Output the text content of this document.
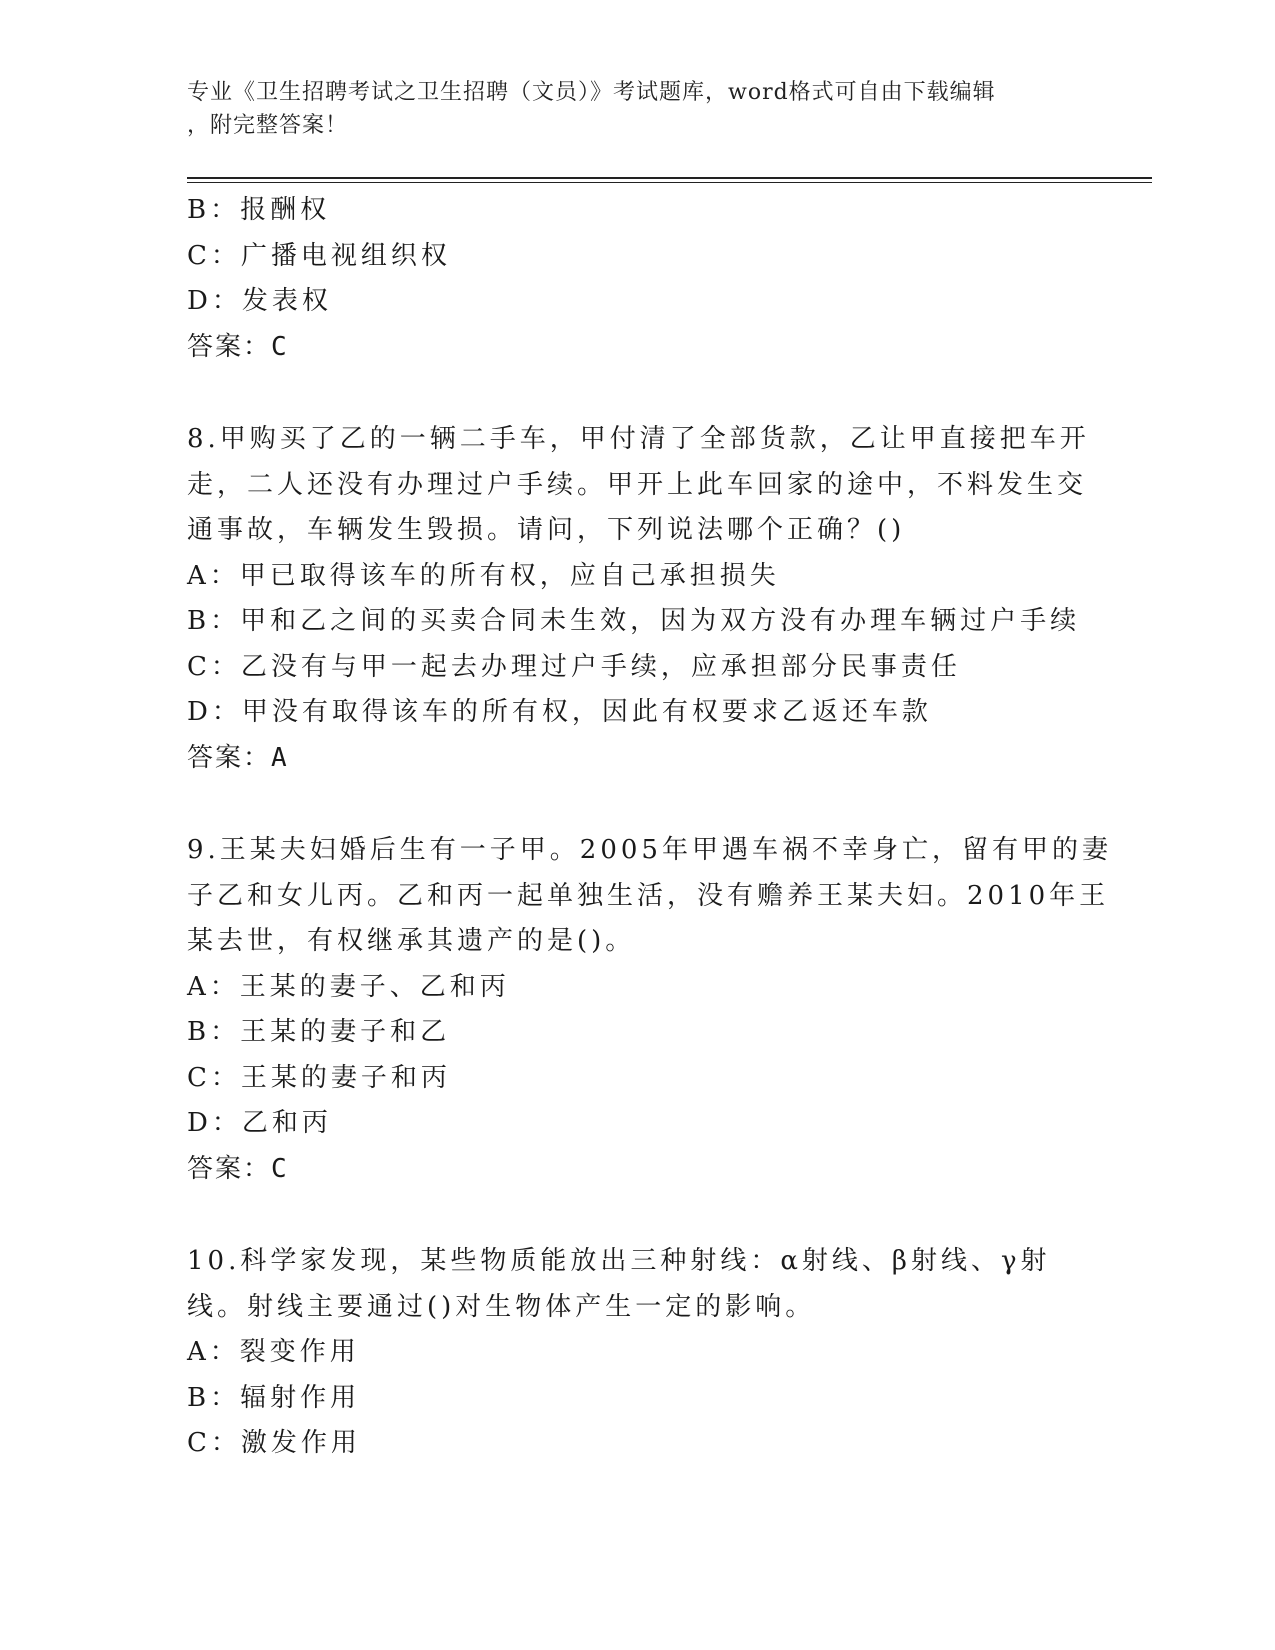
专业《卫生招聘考试之卫生招聘（文员）》考试题库，word格式可自由下载编辑
，附完整答案！
B：报酬权
C：广播电视组织权
D：发表权
答案：C
8.甲购买了乙的一辆二手车，甲付清了全部货款，乙让甲直接把车开
走，二人还没有办理过户手续。甲开上此车回家的途中，不料发生交
通事故，车辆发生毁损。请问，下列说法哪个正确？()
A：甲已取得该车的所有权，应自己承担损失
B：甲和乙之间的买卖合同未生效，因为双方没有办理车辆过户手续
C：乙没有与甲一起去办理过户手续，应承担部分民事责任
D：甲没有取得该车的所有权，因此有权要求乙返还车款
答案：A
9.王某夫妇婚后生有一子甲。2005年甲遇车祸不幸身亡，留有甲的妻
子乙和女儿丙。乙和丙一起单独生活，没有赡养王某夫妇。2010年王
某去世，有权继承其遗产的是()。
A：王某的妻子、乙和丙
B：王某的妻子和乙
C：王某的妻子和丙
D：乙和丙
答案：C
10.科学家发现，某些物质能放出三种射线：α射线、β射线、γ射
线。射线主要通过()对生物体产生一定的影响。
A：裂变作用
B：辐射作用
C：激发作用
